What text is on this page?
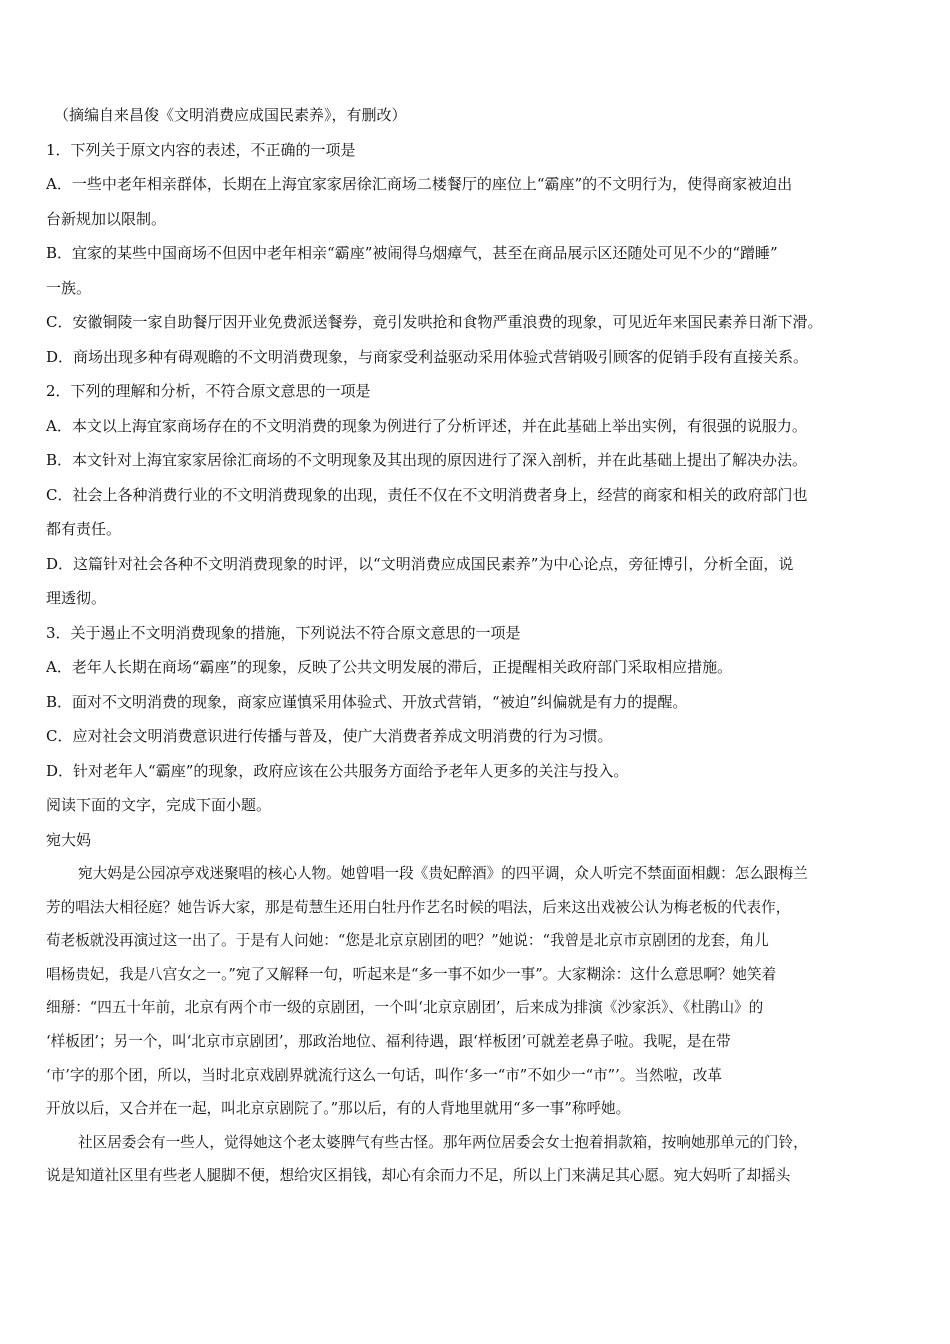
（摘编自来昌俊《文明消费应成国民素养》，有删改）

1．下列关于原文内容的表述，不正确的一项是

A．一些中老年相亲群体，长期在上海宜家家居徐汇商场二楼餐厅的座位上“霸座”的不文明行为，使得商家被迫出

台新规加以限制。

B．宜家的某些中国商场不但因中老年相亲“霸座”被闹得乌烟瘴气，甚至在商品展示区还随处可见不少的“蹭睡”

一族。

C．安徽铜陵一家自助餐厅因开业免费派送餐券，竟引发哄抢和食物严重浪费的现象，可见近年来国民素养日渐下滑。

D．商场出现多种有碍观瞻的不文明消费现象，与商家受利益驱动采用体验式营销吸引顾客的促销手段有直接关系。

2．下列的理解和分析，不符合原文意思的一项是

A．本文以上海宜家商场存在的不文明消费的现象为例进行了分析评述，并在此基础上举出实例，有很强的说服力。

B．本文针对上海宜家家居徐汇商场的不文明现象及其出现的原因进行了深入剖析，并在此基础上提出了解决办法。

C．社会上各种消费行业的不文明消费现象的出现，责任不仅在不文明消费者身上，经营的商家和相关的政府部门也

都有责任。

D．这篇针对社会各种不文明消费现象的时评，以“文明消费应成国民素养”为中心论点，旁征博引，分析全面，说

理透彻。

3．关于遏止不文明消费现象的措施，下列说法不符合原文意思的一项是

A．老年人长期在商场“霸座”的现象，反映了公共文明发展的滞后，正提醒相关政府部门采取相应措施。

B．面对不文明消费的现象，商家应谨慎采用体验式、开放式营销，“被迫”纠偏就是有力的提醒。

C．应对社会文明消费意识进行传播与普及，使广大消费者养成文明消费的行为习惯。

D．针对老年人“霸座”的现象，政府应该在公共服务方面给予老年人更多的关注与投入。

阅读下面的文字，完成下面小题。

宛大妈

宛大妈是公园凉亭戏迷聚唱的核心人物。她曾唱一段《贵妃醉酒》的四平调，众人听完不禁面面相觑：怎么跟梅兰

芳的唱法大相径庭？她告诉大家，那是荀慧生还用白牡丹作艺名时候的唱法，后来这出戏被公认为梅老板的代表作，

荀老板就没再演过这一出了。于是有人问她：“您是北京京剧团的吧？”她说：“我曾是北京市京剧团的龙套，角儿

唱杨贵妃，我是八宫女之一。”宛了又解释一句，听起来是“多一事不如少一事”。大家糊涂：这什么意思啊？她笑着

细掰：“四五十年前，北京有两个市一级的京剧团，一个叫‘北京京剧团’，后来成为排演《沙家浜》、《杜鹃山》的

‘样板团’；另一个，叫‘北京市京剧团’，那政治地位、福利待遇，跟‘样板团’可就差老鼻子啦。我呢，是在带

‘市’字的那个团，所以，当时北京戏剧界就流行这么一句话，叫作‘多一“市”不如少一“市”’。当然啦，改革

开放以后，又合并在一起，叫北京京剧院了。”那以后，有的人背地里就用“多一事”称呼她。

社区居委会有一些人，觉得她这个老太婆脾气有些古怪。那年两位居委会女士抱着捐款箱，按响她那单元的门铃，

说是知道社区里有些老人腿脚不便，想给灾区捐钱，却心有余而力不足，所以上门来满足其心愿。宛大妈听了却摇头
